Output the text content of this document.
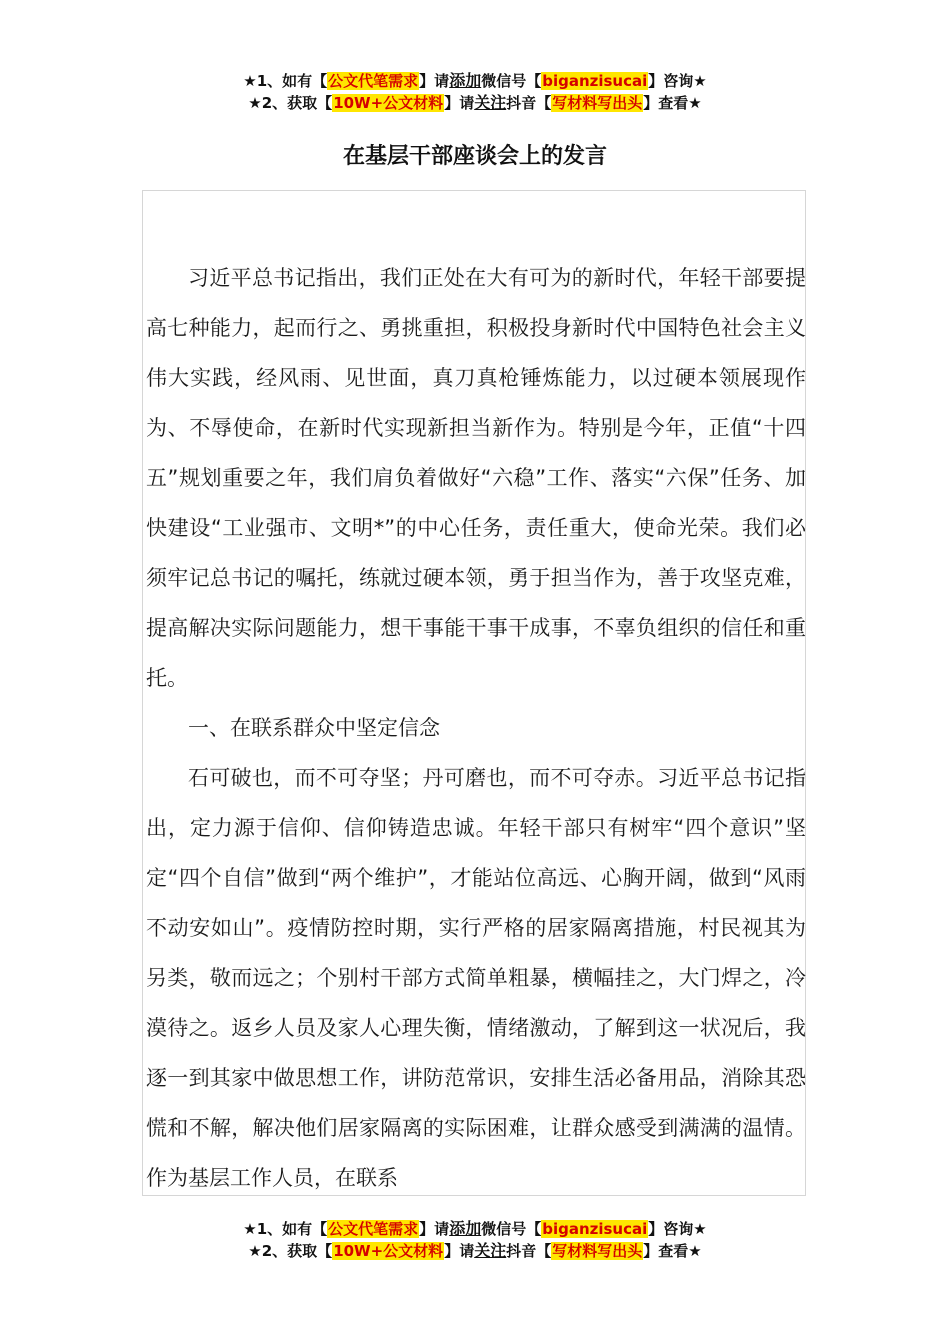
★1、如有【公文代笔需求】请添加微信号【biganzisucai】咨询★
★2、获取【10W+公文材料】请关注抖音【写材料写出头】查看★
在基层干部座谈会上的发言

习近平总书记指出，我们正处在大有可为的新时代，年轻干部要提高七种能力，起而行之、勇挑重担，积极投身新时代中国特色社会主义伟大实践，经风雨、见世面，真刀真枪锤炼能力，以过硬本领展现作为、不辱使命，在新时代实现新担当新作为。特别是今年，正值“十四五”规划重要之年，我们肩负着做好“六稳”工作、落实“六保”任务、加快建设“工业强市、文明*”的中心任务，责任重大，使命光荣。我们必须牢记总书记的嘱托，练就过硬本领，勇于担当作为，善于攻坚克难，提高解决实际问题能力，想干事能干事干成事，不辜负组织的信任和重托。

一、在联系群众中坚定信念

石可破也，而不可夺坚；丹可磨也，而不可夺赤。习近平总书记指出，定力源于信仰、信仰铸造忠诚。年轻干部只有树牢“四个意识”坚定“四个自信”做到“两个维护”，才能站位高远、心胸开阔，做到“风雨不动安如山”。疫情防控时期，实行严格的居家隔离措施，村民视其为另类，敬而远之；个别村干部方式简单粗暴，横幅挂之，大门焊之，冷漠待之。返乡人员及家人心理失衡，情绪激动，了解到这一状况后，我逐一到其家中做思想工作，讲防范常识，安排生活必备用品，消除其恐慌和不解，解决他们居家隔离的实际困难，让群众感受到满满的温情。作为基层工作人员，在联系

★1、如有【公文代笔需求】请添加微信号【biganzisucai】咨询★
★2、获取【10W+公文材料】请关注抖音【写材料写出头】查看★
